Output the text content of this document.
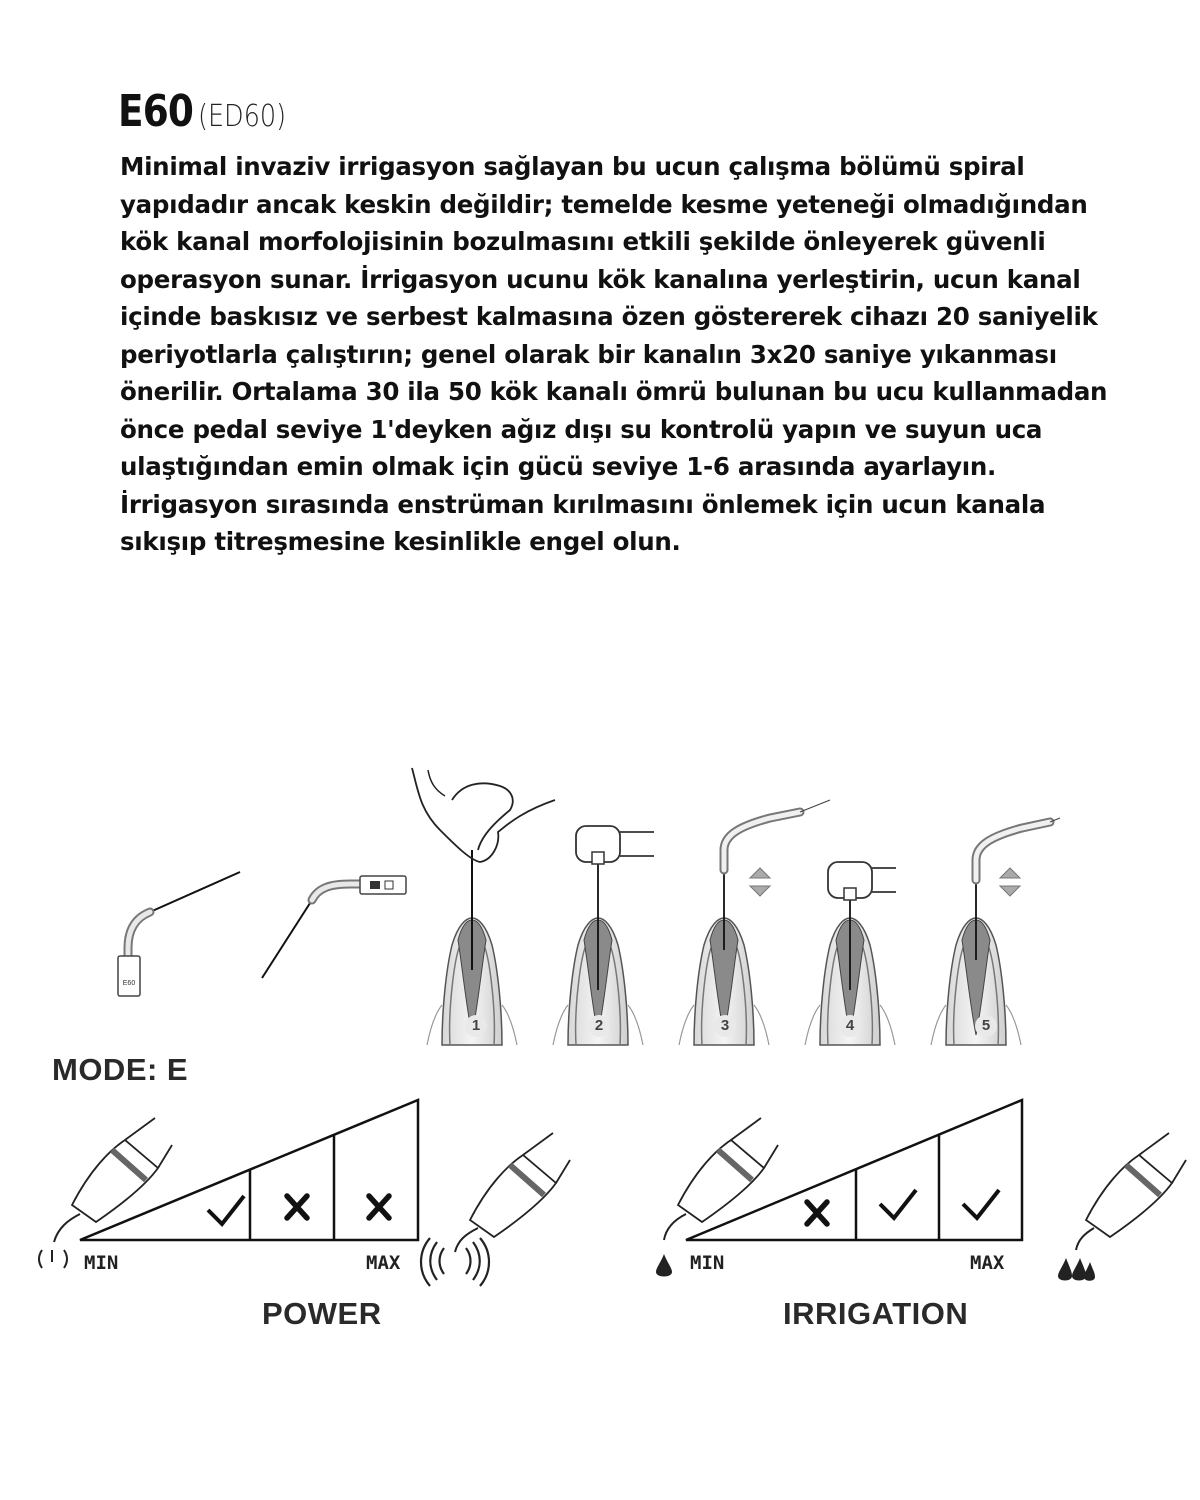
E60 (ED60)
Minimal invaziv irrigasyon sağlayan bu ucun çalışma bölümü spiral
yapıdadır ancak keskin değildir; temelde kesme yeteneği olmadığından
kök kanal morfolojisinin bozulmasını etkili şekilde önleyerek güvenli
operasyon sunar. İrrigasyon ucunu kök kanalına yerleştirin, ucun kanal
içinde baskısız ve serbest kalmasına özen göstererek cihazı 20 saniyelik
periyotlarla çalıştırın; genel olarak bir kanalın 3x20 saniye yıkanması
önerilir. Ortalama 30 ila 50 kök kanalı ömrü bulunan bu ucu kullanmadan
önce pedal seviye 1'deyken ağız dışı su kontrolü yapın ve suyun uca
ulaştığından emin olmak için gücü seviye 1-6 arasında ayarlayın.
İrrigasyon sırasında enstrüman kırılmasını önlemek için ucun kanala
sıkışıp titreşmesine kesinlikle engel olun.
E60
1	2	3	4	5
MODE: E
MIN	MAX	MIN	MAX
POWER	IRRIGATION
